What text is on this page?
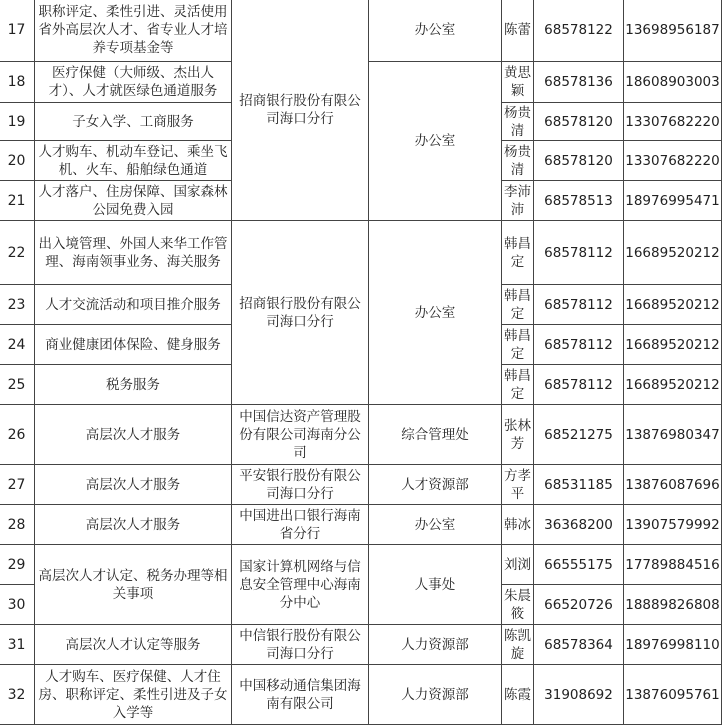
17	职称评定、柔性引进、灵活使用省外高层次人才、省专业人才培养专项基金等	招商银行股份有限公司海口分行	办公室	陈蕾	68578122	13698956187
18	医疗保健（大师级、杰出人才）、人才就医绿色通道服务		办公室	黄思颖	68578136	18608903003
19	子女入学、工商服务			杨贵清	68578120	13307682220
20	人才购车、机动车登记、乘坐飞机、火车、船舶绿色通道			杨贵清	68578120	13307682220
21	人才落户、住房保障、国家森林公园免费入园			李沛沛	68578513	18976995471
22	出入境管理、外国人来华工作管理、海南领事业务、海关服务	招商银行股份有限公司海口分行	办公室	韩昌定	68578112	16689520212
23	人才交流活动和项目推介服务			韩昌定	68578112	16689520212
24	商业健康团体保险、健身服务			韩昌定	68578112	16689520212
25	税务服务			韩昌定	68578112	16689520212
26	高层次人才服务	中国信达资产管理股份有限公司海南分公司	综合管理处	张林芳	68521275	13876980347
27	高层次人才服务	平安银行股份有限公司海口分行	人才资源部	方孝平	68531185	13876087696
28	高层次人才服务	中国进出口银行海南省分行	办公室	韩冰	36368200	13907579992
29	高层次人才认定、税务办理等相关事项	国家计算机网络与信息安全管理中心海南分中心	人事处	刘浏	66555175	17789884516
30				朱晨筱	66520726	18889826808
31	高层次人才认定等服务	中信银行股份有限公司海口分行	人力资源部	陈凯旋	68578364	18976998110
32	人才购车、医疗保健、人才住房、职称评定、柔性引进及子女入学等	中国移动通信集团海南有限公司	人力资源部	陈霞	31908692	13876095761
